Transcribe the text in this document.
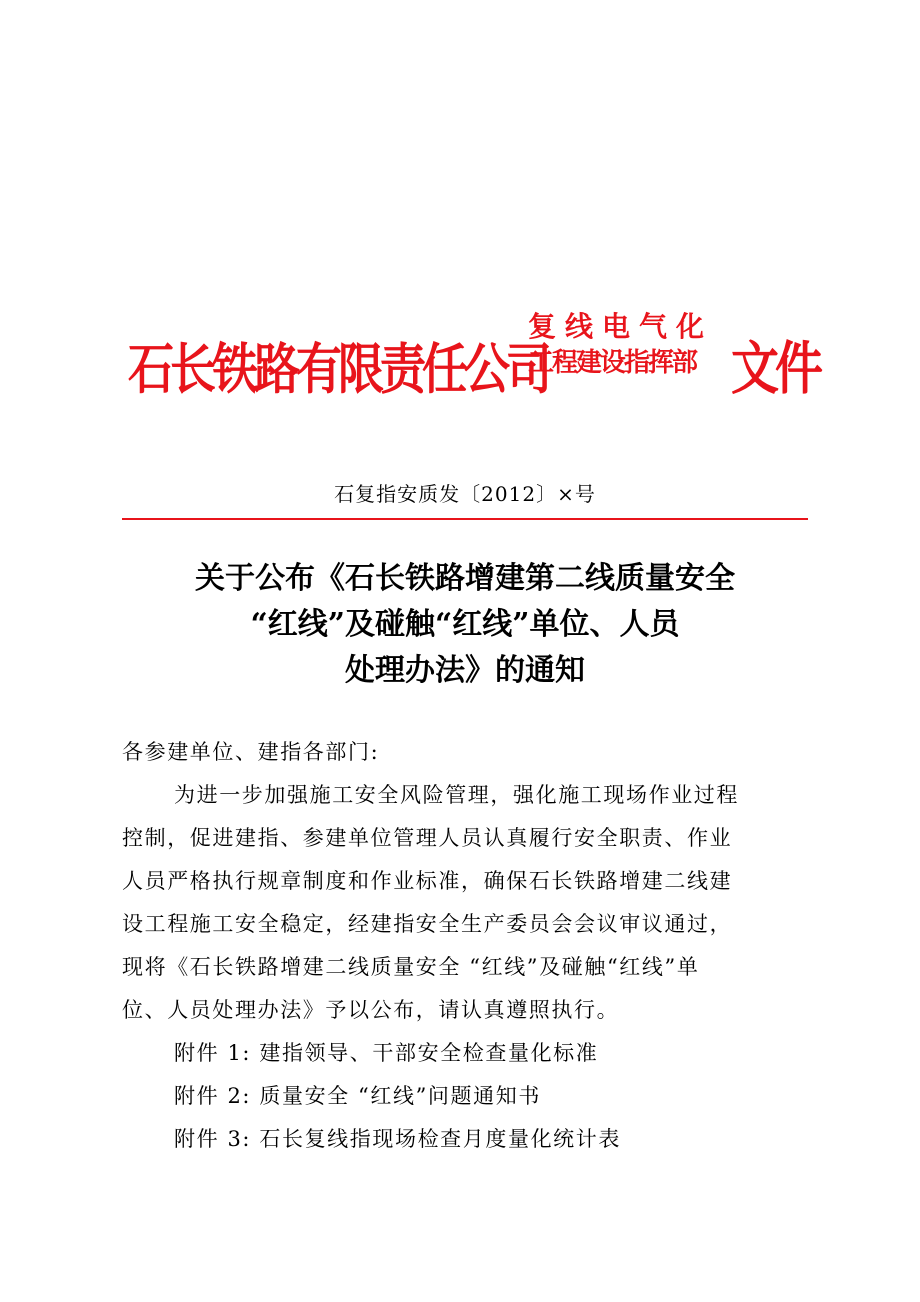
石长铁路有限责任公司
复线电气化
工程建设指挥部 文件
石复指安质发〔2012〕×号
关于公布《石长铁路增建第二线质量安全
“红线”及碰触“红线”单位、人员
处理办法》的通知
各参建单位、建指各部门:
为进一步加强施工安全风险管理，强化施工现场作业过程
控制，促进建指、参建单位管理人员认真履行安全职责、作业
人员严格执行规章制度和作业标准，确保石长铁路增建二线建
设工程施工安全稳定，经建指安全生产委员会会议审议通过，
现将《石长铁路增建二线质量安全 “红线”及碰触“红线”单
位、人员处理办法》予以公布，请认真遵照执行。
附件 1: 建指领导、干部安全检查量化标准
附件 2: 质量安全 “红线”问题通知书
附件 3: 石长复线指现场检查月度量化统计表
